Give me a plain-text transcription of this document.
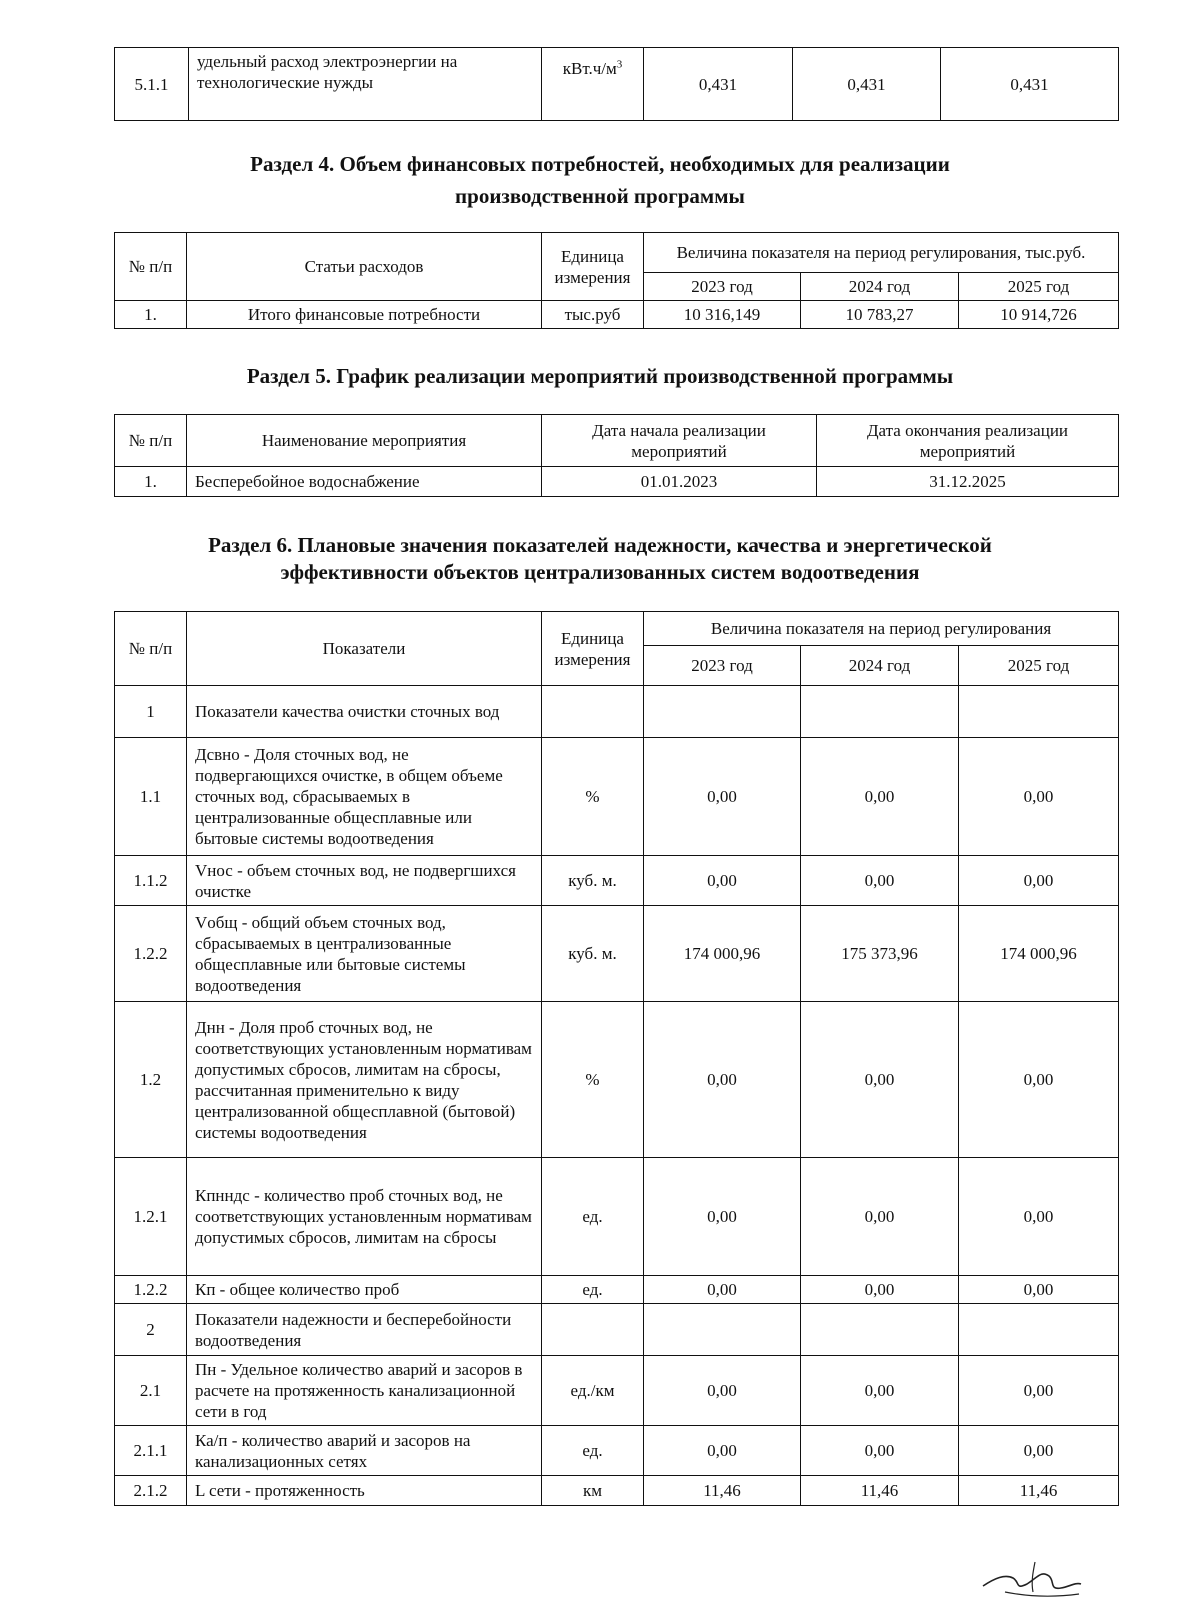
5.1.1	удельный расход электроэнергии на технологические нужды	$кВт.ч/м^3$	0,431	0,431	0,431
Раздел 4. Объем финансовых потребностей, необходимых для реализации
производственной программы
№ п/п	Статьи расходов	Единица измерения	Величина показателя на период регулирования, тыс.руб.		
			2023 год	2024 год	2025 год
1.	Итого финансовые потребности	тыс.руб	10 316,149	10 783,27	10 914,726
Раздел 5. График реализации мероприятий производственной программы
№ п/п	Наименование мероприятия	Дата начала реализации мероприятий	Дата окончания реализации мероприятий
1.	Бесперебойное водоснабжение	01.01.2023	31.12.2025
Раздел 6. Плановые значения показателей надежности, качества и энергетической
эффективности объектов централизованных систем водоотведения
№ п/п	Показатели	Единица измерения	Величина показателя на период регулирования		
			2023 год	2024 год	2025 год
1	Показатели качества очистки сточных вод				
1.1	Дсвно - Доля сточных вод, не подвергающихся очистке, в общем объеме сточных вод, сбрасываемых в централизованные общесплавные или бытовые системы водоотведения	%	0,00	0,00	0,00
1.1.2	Vнос - объем сточных вод, не подвергшихся очистке	куб. м.	0,00	0,00	0,00
1.2.2	Vобщ - общий объем сточных вод, сбрасываемых в централизованные общесплавные или бытовые системы водоотведения	куб. м.	174 000,96	175 373,96	174 000,96
1.2	Днн - Доля проб сточных вод, не соответствующих установленным нормативам допустимых сбросов, лимитам на сбросы, рассчитанная применительно к виду централизованной общесплавной (бытовой) системы водоотведения	%	0,00	0,00	0,00
1.2.1	Кпнндс - количество проб сточных вод, не соответствующих установленным нормативам допустимых сбросов, лимитам на сбросы	ед.	0,00	0,00	0,00
1.2.2	Кп - общее количество проб	ед.	0,00	0,00	0,00
2	Показатели надежности и бесперебойности водоотведения				
2.1	Пн - Удельное количество аварий и засоров в расчете на протяженность канализационной сети в год	ед./км	0,00	0,00	0,00
2.1.1	Ка/п - количество аварий и засоров на канализационных сетях	ед.	0,00	0,00	0,00
2.1.2	L сети - протяженность	км	11,46	11,46	11,46
